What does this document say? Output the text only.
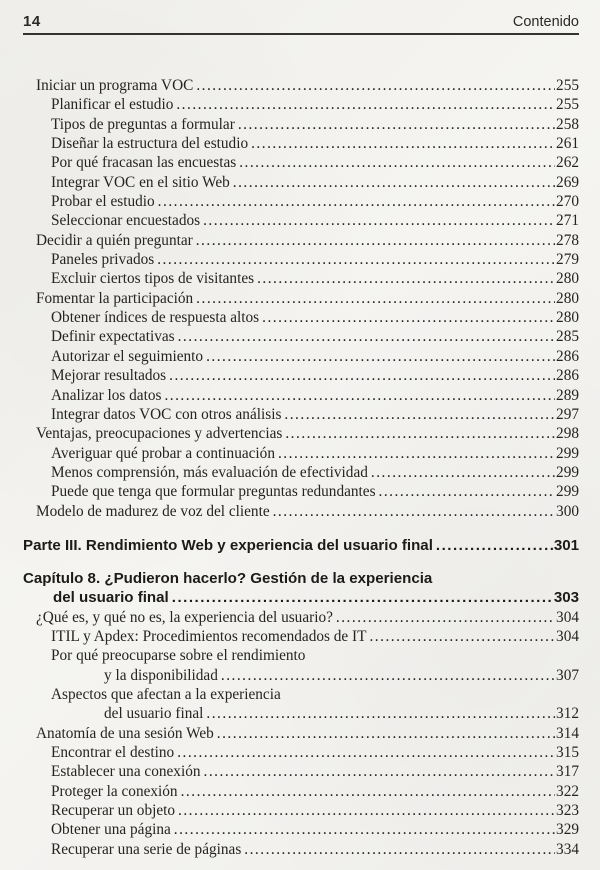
14	Contenido
Iniciar un programa VOC .....	255
Planificar el estudio .....	255
Tipos de preguntas a formular .....	258
Diseñar la estructura del estudio .....	261
Por qué fracasan las encuestas .....	262
Integrar VOC en el sitio Web .....	269
Probar el estudio .....	270
Seleccionar encuestados .....	271
Decidir a quién preguntar .....	278
Paneles privados .....	279
Excluir ciertos tipos de visitantes .....	280
Fomentar la participación .....	280
Obtener índices de respuesta altos .....	280
Definir expectativas .....	285
Autorizar el seguimiento .....	286
Mejorar resultados .....	286
Analizar los datos .....	289
Integrar datos VOC con otros análisis .....	297
Ventajas, preocupaciones y advertencias .....	298
Averiguar qué probar a continuación .....	299
Menos comprensión, más evaluación de efectividad .....	299
Puede que tenga que formular preguntas redundantes .....	299
Modelo de madurez de voz del cliente .....	300
Parte III. Rendimiento Web y experiencia del usuario final .....	301
Capítulo 8. ¿Pudieron hacerlo? Gestión de la experiencia
del usuario final .....	303
¿Qué es, y qué no es, la experiencia del usuario? .....	304
ITIL y Apdex: Procedimientos recomendados de IT .....	304
Por qué preocuparse sobre el rendimiento
y la disponibilidad .....	307
Aspectos que afectan a la experiencia
del usuario final .....	312
Anatomía de una sesión Web .....	314
Encontrar el destino .....	315
Establecer una conexión .....	317
Proteger la conexión .....	322
Recuperar un objeto .....	323
Obtener una página .....	329
Recuperar una serie de páginas .....	334
